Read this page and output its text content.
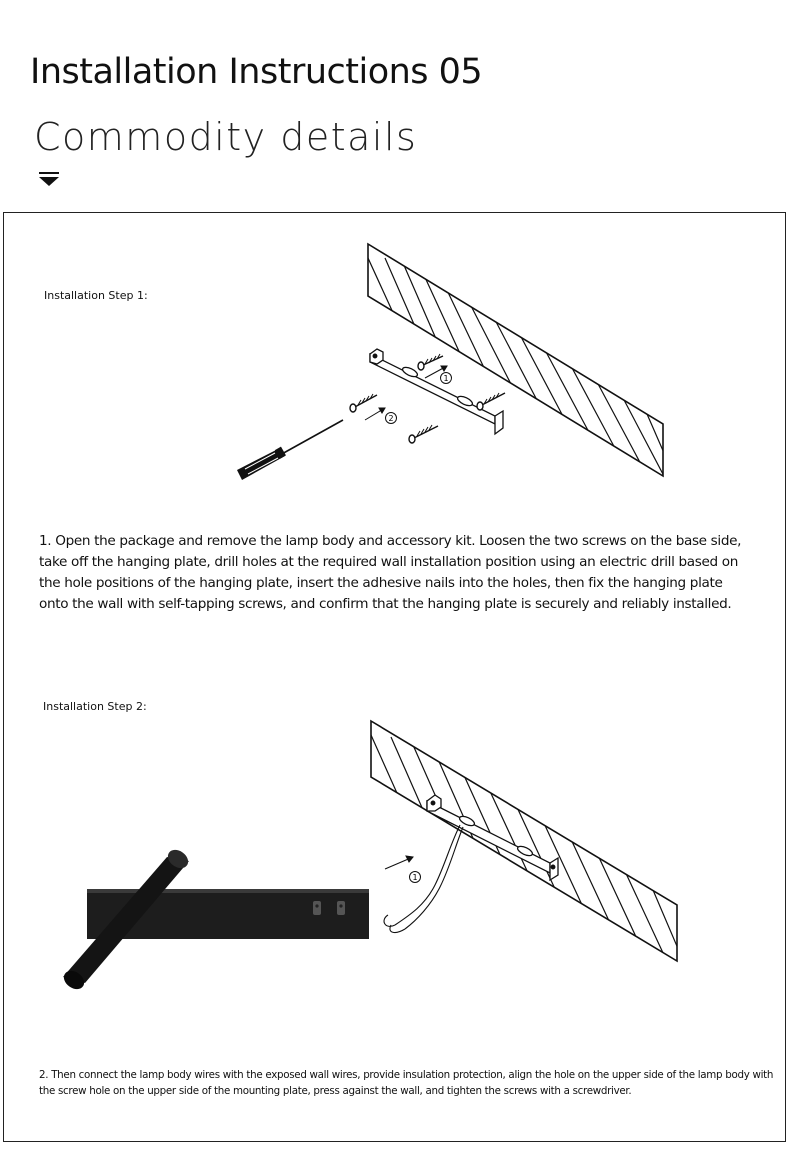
Installation Instructions 05
Commodity details
Installation Step 1:
1
2
1. Open the package and remove the lamp body and accessory kit. Loosen the two screws on the base side, take off the hanging plate, drill holes at the required wall installation position using an electric drill based on the hole positions of the hanging plate, insert the adhesive nails into the holes, then fix the hanging plate onto the wall with self-tapping screws, and confirm that the hanging plate is securely and reliably installed.
Installation Step 2:
1
2. Then connect the lamp body wires with the exposed wall wires, provide insulation protection, align the hole on the upper side of the lamp body with the screw hole on the upper side of the mounting plate, press against the wall, and tighten the screws with a screwdriver.
